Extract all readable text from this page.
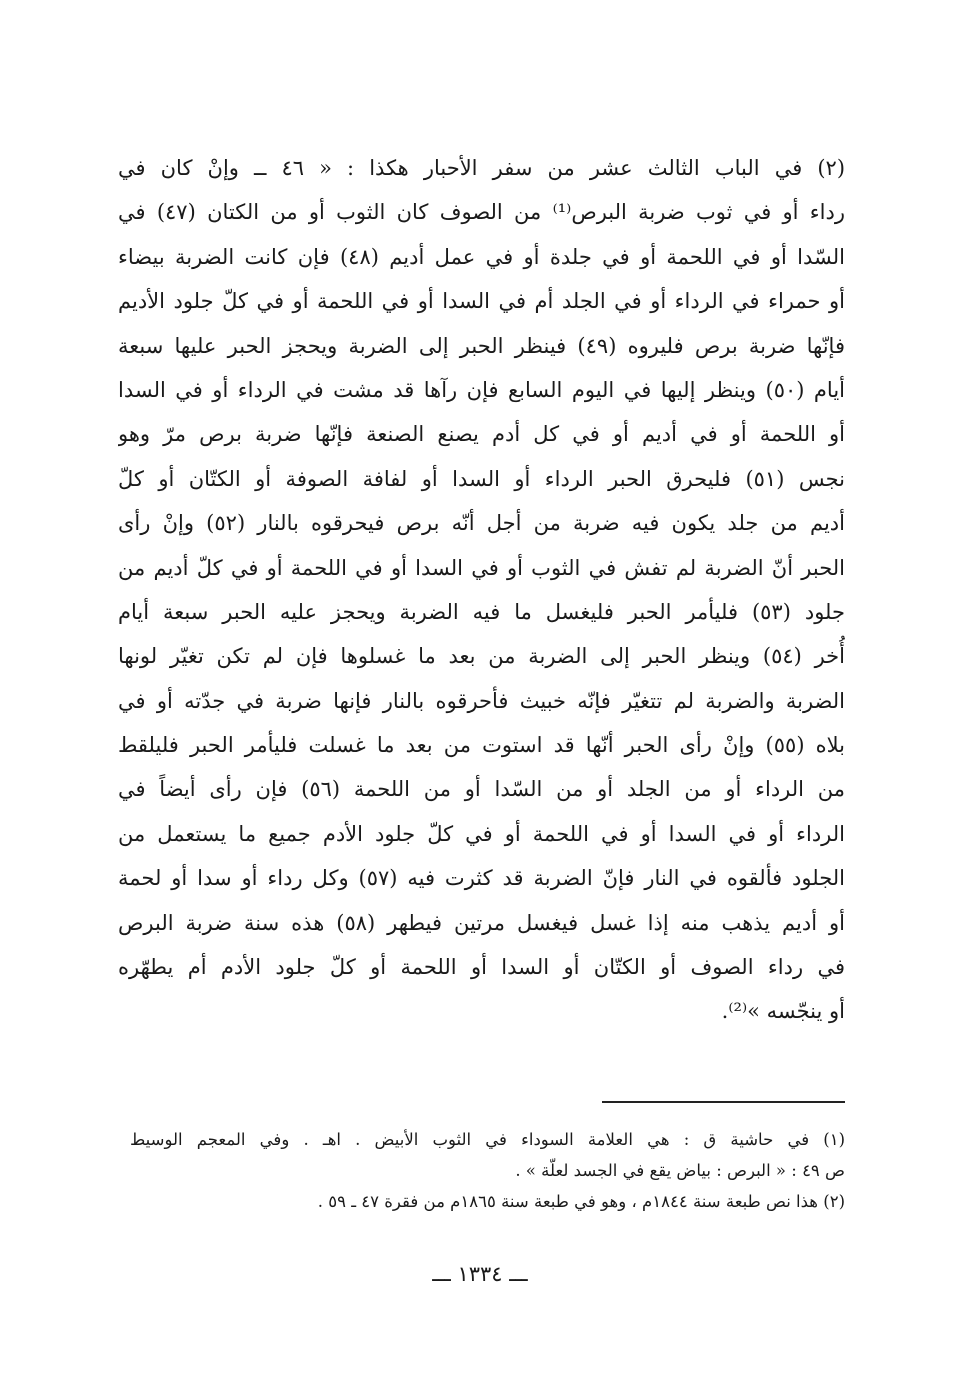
(٢) في الباب الثالث عشر من سفر الأحبار هكذا : « ٤٦ ــ وإنْ كان في
رداء أو في ثوب ضربة البرص⁽¹⁾ من الصوف كان الثوب أو من الكتان (٤٧) في
السّدا أو في اللحمة أو في جلدة أو في عمل أديم (٤٨) فإن كانت الضربة بيضاء
أو حمراء في الرداء أو في الجلد أم في السدا أو في اللحمة أو في كلّ جلود الأديم
فإنّها ضربة برص فليروه (٤٩) فينظر الحبر إلى الضربة ويحجز الحبر عليها سبعة
أيام (٥٠) وينظر إليها في اليوم السابع فإن رآها قد مشت في الرداء أو في السدا
أو اللحمة أو في أديم أو في كل أدم يصنع الصنعة فإنّها ضربة برص مرّ وهو
نجس (٥١) فليحرق الحبر الرداء أو السدا أو لفافة الصوفة أو الكتّان أو كلّ
أديم من جلد يكون فيه ضربة من أجل أنّه برص فيحرقوه بالنار (٥٢) وإنْ رأى
الحبر أنّ الضربة لم تفش في الثوب أو في السدا أو في اللحمة أو في كلّ أديم من
جلود (٥٣) فليأمر الحبر فليغسل ما فيه الضربة ويحجز عليه الحبر سبعة أيام
أُخر (٥٤) وينظر الحبر إلى الضربة من بعد ما غسلوها فإن لم تكن تغيّر لونها
الضربة والضربة لم تتغيّر فإنّه خبيث فأحرقوه بالنار فإنها ضربة في جدّته أو في
بلاه (٥٥) وإنْ رأى الحبر أنّها قد استوت من بعد ما غسلت فليأمر الحبر فليلقط
من الرداء أو من الجلد أو من السّدا أو من اللحمة (٥٦) فإن رأى أيضاً في
الرداء أو في السدا أو في اللحمة أو في كلّ جلود الأدم جميع ما يستعمل من
الجلود فألقوه في النار فإنّ الضربة قد كثرت فيه (٥٧) وكل رداء أو سدا أو لحمة
أو أديم يذهب منه إذا غسل فيغسل مرتين فيطهر (٥٨) هذه سنة ضربة البرص
في رداء الصوف أو الكتّان أو السدا أو اللحمة أو كلّ جلود الأدم أم يطهّره
أو ينجّسه »⁽²⁾.
(١) في حاشية ق : هي العلامة السوداء في الثوب الأبيض . اهـ . وفي المعجم الوسيط
ص ٤٩ : « البرص : بياض يقع في الجسد لعلّة » .
(٢) هذا نص طبعة سنة ١٨٤٤م ، وهو في طبعة سنة ١٨٦٥م من فقرة ٤٧ ـ ٥٩ .
ـــ ١٣٣٤ ـــ
